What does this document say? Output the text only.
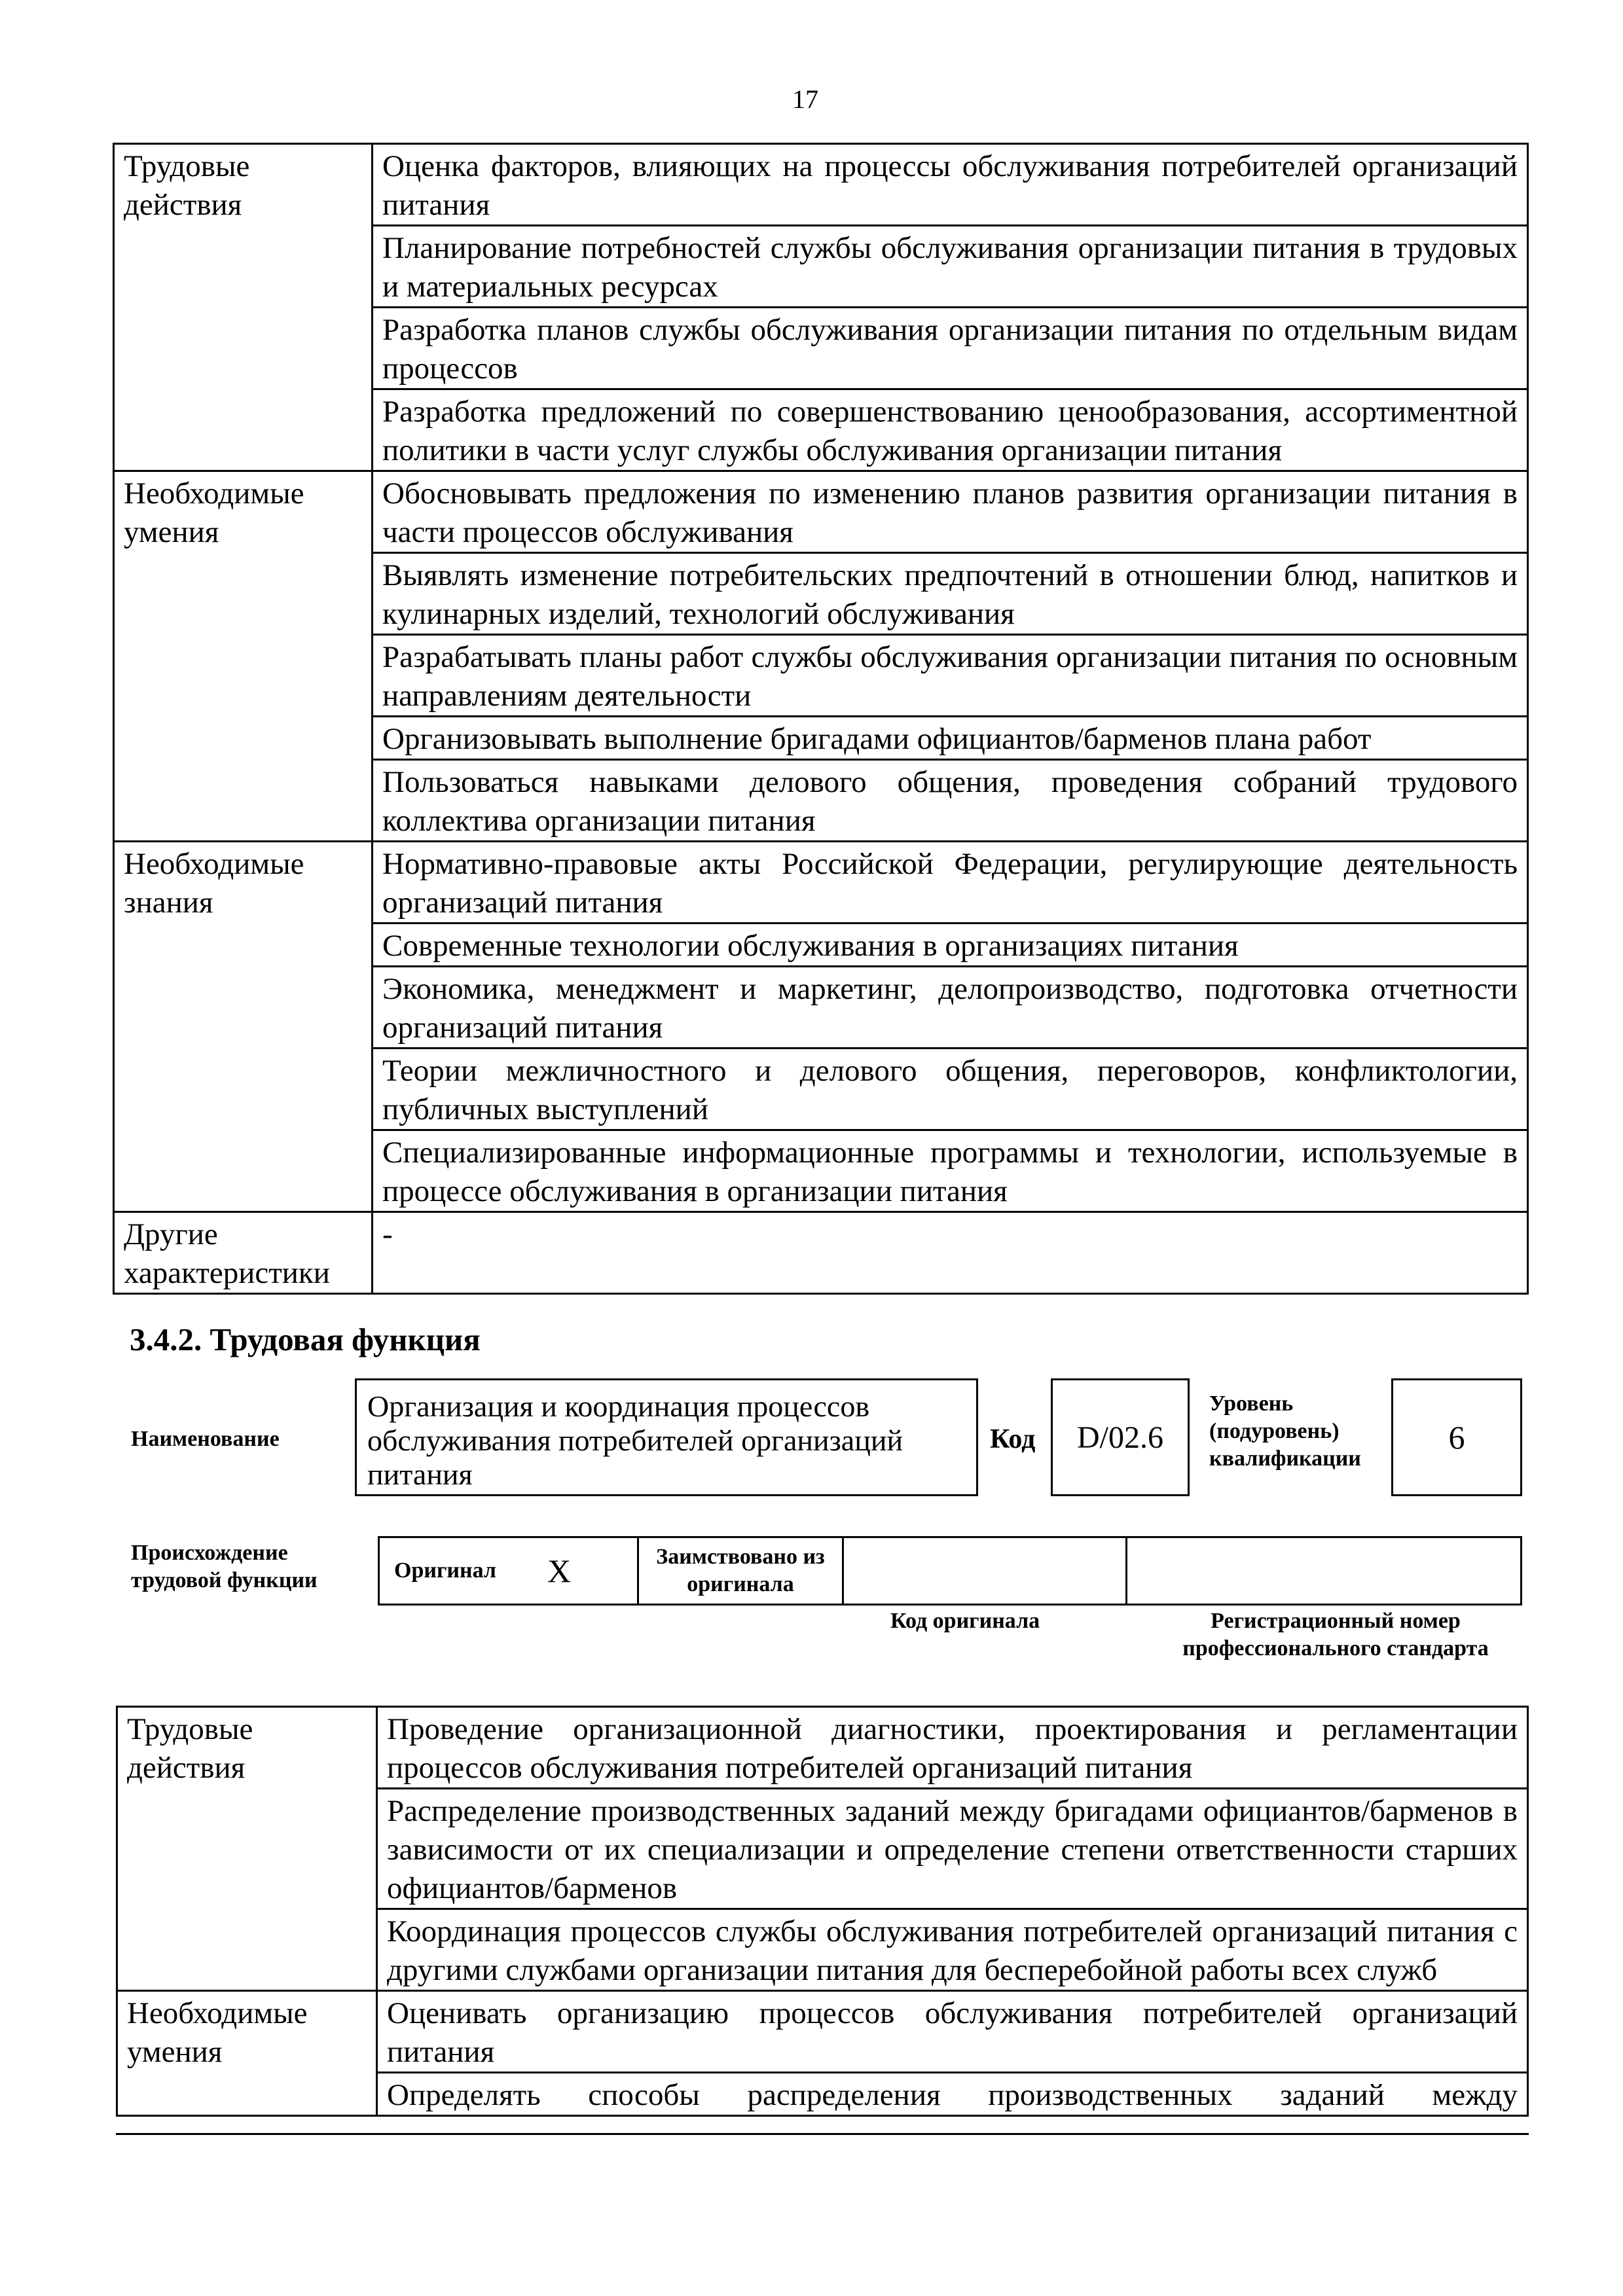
17
Трудовые действия	Оценка факторов, влияющих на процессы обслуживания потребителей организаций питания
	Планирование потребностей службы обслуживания организации питания в трудовых и материальных ресурсах
	Разработка планов службы обслуживания организации питания по отдельным видам процессов
	Разработка предложений по совершенствованию ценообразования, ассортиментной политики в части услуг службы обслуживания организации питания
Необходимые умения	Обосновывать предложения по изменению планов развития организации питания в части процессов обслуживания
	Выявлять изменение потребительских предпочтений в отношении блюд, напитков и кулинарных изделий, технологий обслуживания
	Разрабатывать планы работ службы обслуживания организации питания по основным направлениям деятельности
	Организовывать выполнение бригадами официантов/барменов плана работ
	Пользоваться навыками делового общения, проведения собраний трудового коллектива организации питания
Необходимые знания	Нормативно-правовые акты Российской Федерации, регулирующие деятельность организаций питания
	Современные технологии обслуживания в организациях питания
	Экономика, менеджмент и маркетинг, делопроизводство, подготовка отчетности организаций питания
	Теории межличностного и делового общения, переговоров, конфликтологии, публичных выступлений
	Специализированные информационные программы и технологии, используемые в процессе обслуживания в организации питания
Другие характеристики	-
3.4.2. Трудовая функция
Наименование
Организация и координация процессов обслуживания потребителей организаций питания
Код	D/02.6
Уровень (подуровень) квалификации
6
Происхождение трудовой функции	Оригинал X	Заимствовано из оригинала		
Код оригинала	Регистрационный номер профессионального стандарта
Трудовые действия	Проведение организационной диагностики, проектирования и регламентации процессов обслуживания потребителей организаций питания
	Распределение производственных заданий между бригадами официантов/барменов в зависимости от их специализации и определение степени ответственности старших официантов/барменов
	Координация процессов службы обслуживания потребителей организаций питания с другими службами организации питания для бесперебойной работы всех служб
Необходимые умения	Оценивать организацию процессов обслуживания потребителей организаций питания
	Определять способы распределения производственных заданий между
